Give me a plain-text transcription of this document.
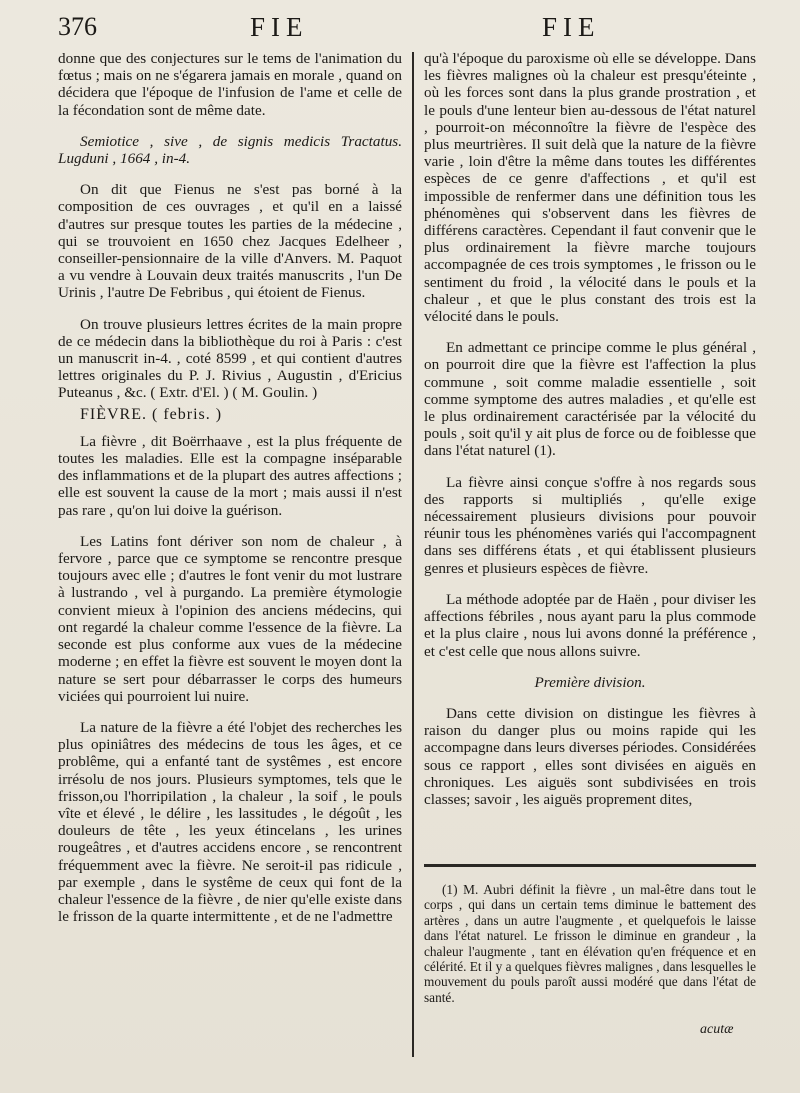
376	FIE	FIE

donne que des conjectures sur le tems de l'animation du fœtus ; mais on ne s'égarera jamais en morale , quand on décidera que l'époque de l'infusion de l'ame et celle de la fécondation sont de même date.

Semiotice , sive , de signis medicis Tractatus. Lugduni , 1664 , in-4.

On dit que Fienus ne s'est pas borné à la composition de ces ouvrages , et qu'il en a laissé d'autres sur presque toutes les parties de la médecine , qui se trouvoient en 1650 chez Jacques Edelheer , conseiller-pensionnaire de la ville d'Anvers. M. Paquot a vu vendre à Louvain deux traités manuscrits , l'un De Urinis , l'autre De Febribus , qui étoient de Fienus.

On trouve plusieurs lettres écrites de la main propre de ce médecin dans la bibliothèque du roi à Paris : c'est un manuscrit in-4. , coté 8599 , et qui contient d'autres lettres originales du P. J. Rivius , Augustin , d'Ericius Puteanus , &c. ( Extr. d'El. ) ( M. Goulin. )

FIÈVRE. ( febris. )

La fièvre , dit Boërrhaave , est la plus fréquente de toutes les maladies. Elle est la compagne inséparable des inflammations et de la plupart des autres affections ; elle est souvent la cause de la mort ; mais aussi il n'est pas rare , qu'on lui doive la guérison.

Les Latins font dériver son nom de chaleur , à fervore , parce que ce symptome se rencontre presque toujours avec elle ; d'autres le font venir du mot lustrare à lustrando , vel à purgando. La première étymologie convient mieux à l'opinion des anciens médecins, qui ont regardé la chaleur comme l'essence de la fièvre. La seconde est plus conforme aux vues de la médecine moderne ; en effet la fièvre est souvent le moyen dont la nature se sert pour débarrasser le corps des humeurs viciées qui pourroient lui nuire.

La nature de la fièvre a été l'objet des recherches les plus opiniâtres des médecins de tous les âges, et ce problême, qui a enfanté tant de systêmes , est encore irrésolu de nos jours. Plusieurs symptomes, tels que le frisson,ou l'horripilation , la chaleur , la soif , le pouls vîte et élevé , le délire , les lassitudes , le dégoût , les douleurs de tête , les yeux étincelans , les urines rougeâtres , et d'autres accidens encore , se rencontrent fréquemment avec la fièvre. Ne seroit-il pas ridicule , par exemple , dans le systême de ceux qui font de la chaleur l'essence de la fièvre , de nier qu'elle existe dans le frisson de la quarte intermittente , et de ne l'admettre

qu'à l'époque du paroxisme où elle se développe. Dans les fièvres malignes où la chaleur est presqu'éteinte , où les forces sont dans la plus grande prostration , et le pouls d'une lenteur bien au-dessous de l'état naturel , pourroit-on méconnoître la fièvre de l'espèce des plus meurtrières. Il suit delà que la nature de la fièvre varie , loin d'être la même dans toutes les différentes espèces de ce genre d'affections , et qu'il est impossible de renfermer dans une définition tous les phénomènes qui s'observent dans les fièvres de différens caractères. Cependant il faut convenir que le plus ordinairement la fièvre marche toujours accompagnée de ces trois symptomes , le frisson ou le sentiment du froid , la vélocité dans le pouls et la chaleur , et que le plus constant des trois est la vélocité dans le pouls.

En admettant ce principe comme le plus général , on pourroit dire que la fièvre est l'affection la plus commune , soit comme maladie essentielle , soit comme symptome des autres maladies , et qu'elle est le plus ordinairement caractérisée par la vélocité du pouls , soit qu'il y ait plus de force ou de foiblesse que dans l'état naturel (1).

La fièvre ainsi conçue s'offre à nos regards sous des rapports si multipliés , qu'elle exige nécessairement plusieurs divisions pour pouvoir réunir tous les phénomènes variés qui l'accompagnent dans ses différens états , et qui établissent plusieurs genres et plusieurs espèces de fièvre.

La méthode adoptée par de Haën , pour diviser les affections fébriles , nous ayant paru la plus commode et la plus claire , nous lui avons donné la préférence , et c'est celle que nous allons suivre.

Première division.

Dans cette division on distingue les fièvres à raison du danger plus ou moins rapide qui les accompagne dans leurs diverses périodes. Considérées sous ce rapport , elles sont divisées en aiguës en chroniques. Les aiguës sont subdivisées en trois classes; savoir , les aiguës proprement dites,

(1) M. Aubri définit la fièvre , un mal-être dans tout le corps , qui dans un certain tems diminue le battement des artères , dans un autre l'augmente , et quelquefois le laisse dans l'état naturel. Le frisson le diminue en grandeur , la chaleur l'augmente , tant en élévation qu'en fréquence et en célérité. Et il y a quelques fièvres malignes , dans lesquelles le mouvement du pouls paroît aussi modéré que dans l'état de santé.

acutæ
